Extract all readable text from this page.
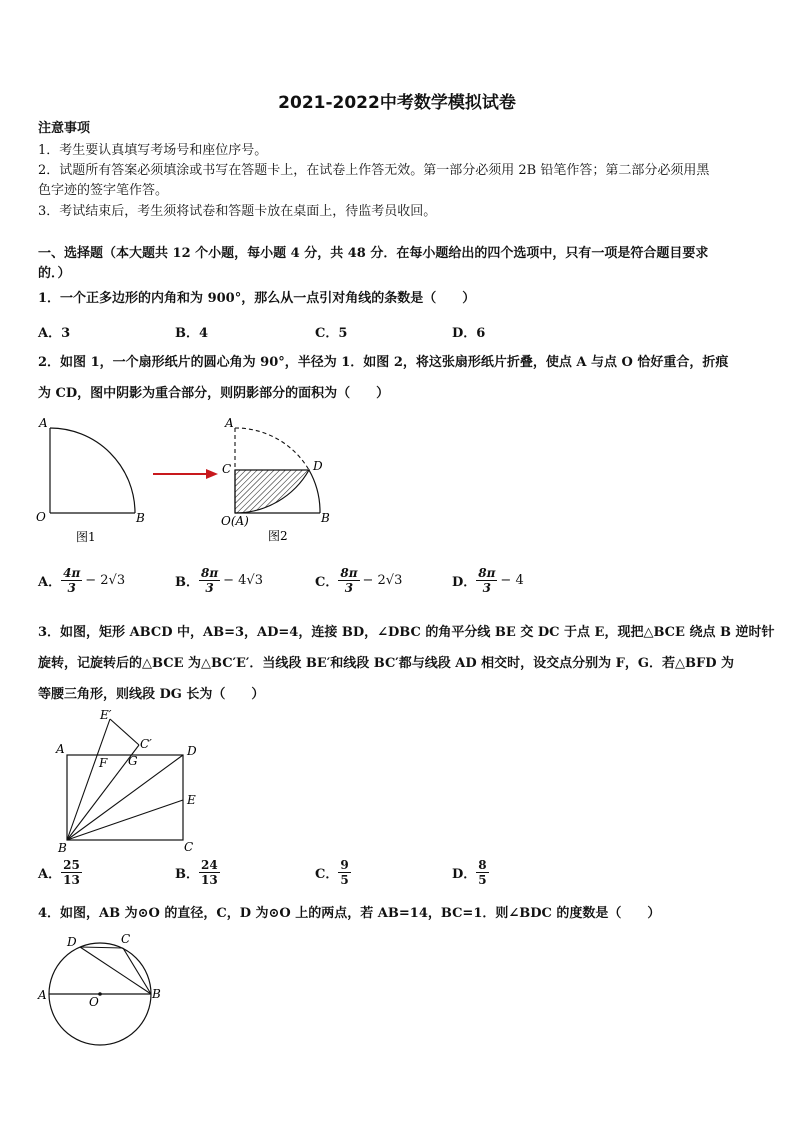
2021-2022中考数学模拟试卷
注意事项
1．考生要认真填写考场号和座位序号。
2．试题所有答案必须填涂或书写在答题卡上，在试卷上作答无效。第一部分必须用 2B 铅笔作答；第二部分必须用黑
色字迹的签字笔作答。
3．考试结束后，考生须将试卷和答题卡放在桌面上，待监考员收回。
一、选择题（本大题共 12 个小题，每小题 4 分，共 48 分．在每小题给出的四个选项中，只有一项是符合题目要求
的．）
1．一个正多边形的内角和为 900°，那么从一点引对角线的条数是（　　）
A．3	B．4	C．5	D．6
2．如图 1，一个扇形纸片的圆心角为 90°，半径为 1．如图 2，将这张扇形纸片折叠，使点 A 与点 O 恰好重合，折痕
为 CD，图中阴影为重合部分，则阴影部分的面积为（　　）
A
O	B
图1
A
C	D
O(A)	B
图2
A． $\frac{4\pi}{3} - 2√3$	B． $\frac{8\pi}{3} - 4√3$	C． $\frac{8\pi}{3} - 2√3$	D． $\frac{8\pi}{3} - 4$
3．如图，矩形 ABCD 中，AB=3，AD=4，连接 BD，∠DBC 的角平分线 BE 交 DC 于点 E，现把△BCE 绕点 B 逆时针
旋转，记旋转后的△BCE 为△BC′E′．当线段 BE′和线段 BC′都与线段 AD 相交时，设交点分别为 F，G．若△BFD 为
等腰三角形，则线段 DG 长为（　　）
E′
C′
A	D
F G
E
B	C
A． $\frac{25}{13}$	B． $\frac{24}{13}$	C． $\frac{9}{5}$	D． $\frac{8}{5}$
4．如图，AB 为⊙O 的直径，C，D 为⊙O 上的两点，若 AB=14，BC=1．则∠BDC 的度数是（　　）
D	C
A	O
B
